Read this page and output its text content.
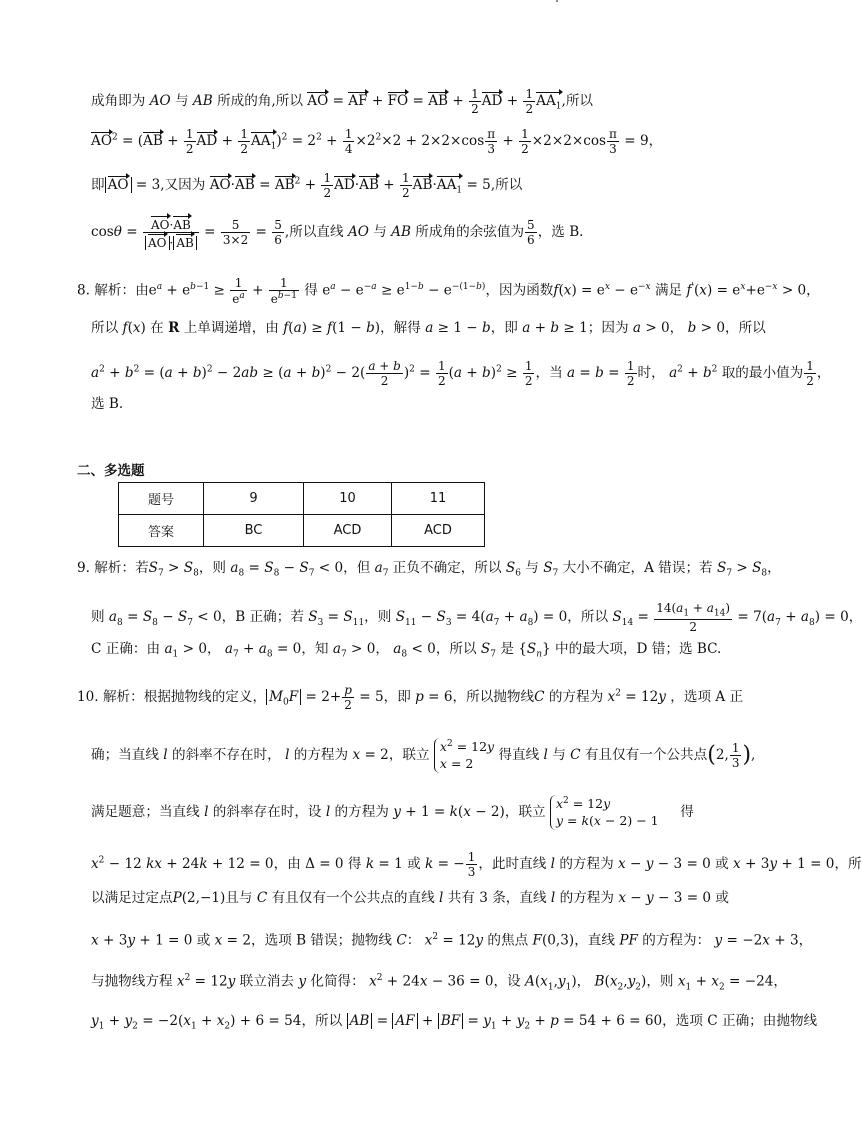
成角即为 AO 与 AB 所成的角,所以 AO = AF + FO = AB + $\frac{1}{2}$ AD + $\frac{1}{2} AA_1$,所以
$AO^2 = (AB + \frac{1}{2}$ AD + $\frac{1}{2} AA_1)^2 = 2^2 + \frac{1}{4} \times 2^2\times 2 + 2\times 2\times\cos \frac{\pi}{3} + \frac{1}{2} \times 2\times 2\times\cos \frac{\pi}{3} = 9$，
即 AO = 3,又因为 $AO\cdot AB = AB^2 + \frac{1}{2} AD\cdot AB + \frac{1}{2} AB\cdot AA_1 = 5$,所以
$\cos\theta = \frac{AO\cdot AB}{AO \cdot AB} = \frac{5}{3\times 2} = \frac{5}{6}$ ,所以直线 AO 与 AB 所成角的余弦值为 $\frac{5}{6}$ ，选 B.
8. 解析：由$e^a + e^{b-1} \ge \frac{1}{e^a} + \frac{1}{e^{b-1}}$ 得 $e^a - e^{-a} \ge e^{1-b} - e^{-(1-b)}$，因为函数$f(x) = e^x - e^{-x}$ 满足 $f'(x) = e^x+e^{-x} > 0$，
所以 f(x) 在 R 上单调递增，由 f(a) ≥ f(1 − b)，解得 a ≥ 1 − b，即 a + b ≥ 1；因为 a > 0， b > 0，所以
$a^2 + b^2 = (a + b)^2 - 2ab \ge (a + b)^2 - 2( \frac{a + b}{2} )^2 = \frac{1}{2} (a + b)^2 \ge \frac{1}{2}$ ，当 $a = b = \frac{1}{2}$ 时， $a^2 + b^2$ 取的最小值为 $\frac{1}{2}$ ，
选 B.
二、多选题
题号	9	10	11
答案	BC	ACD	ACD
9. 解析：若$S_7 > S_8$，则 $a_8 = S_8 - S_7 < 0$，但 $a_7$ 正负不确定，所以 $S_6$ 与 $S_7$ 大小不确定，A 错误；若 $S_7 > S_8$，
则 $a_8 = S_8 - S_7 < 0$，B 正确；若 $S_3 = S_{11}$，则 $S_{11} - S_3 = 4(a_7 + a_8) = 0$，所以 $S_{14} = \frac{14(a_1 + a_{14})}{2} = 7(a_7 + a_8) = 0$，
C 正确：由 $a_1 > 0$， $a_7 + a_8 = 0$，知 $a_7 > 0$， $a_8 < 0$，所以 $S_7$ 是 $\{S_n\}$ 中的最大项，D 错；选 BC.
10. 解析：根据抛物线的定义， $M_0F = 2+ \frac{p}{2} = 5$，即 p = 6，所以抛物线C 的方程为 $x^2 = 12y$ ，选项 A 正
确；当直线 l 的斜率不存在时， l 的方程为 x = 2，联立
$x^2 = 12y$
x = 2
得直线 l 与 C 有且仅有一个公共点(2, $\frac{1}{3}$ ),
满足题意；当直线 l 的斜率存在时，设 l 的方程为 y + 1 = k(x − 2)，联立
$x^2 = 12y$
y = k(x − 2) − 1
得
$x^2 - 12$ kx + 24k + 12 = 0，由 Δ = 0 得 k = 1 或 k = − $\frac{1}{3}$ ，此时直线 l 的方程为 x − y − 3 = 0 或 x + 3y + 1 = 0，所
以满足过定点P(2,−1)且与 C 有且仅有一个公共点的直线 l 共有 3 条，直线 l 的方程为 x − y − 3 = 0 或
x + 3y + 1 = 0 或 x = 2，选项 B 错误；抛物线 C： $x^2 = 12y$ 的焦点 F(0,3)，直线 PF 的方程为： y = −2x + 3，
与抛物线方程 $x^2 = 12y$ 联立消去 y 化简得： $x^2 + 24x - 36 = 0$，设 $A(x_1,y_1)$， $B(x_2,y_2)$，则 $x_1 + x_2 = -24$，
$y_1 + y_2 = -2(x_1 + x_2) + 6 = 54$，所以 AB = AF + BF = $y_1 + y_2 + p = 54 + 6 = 60$，选项 C 正确；由抛物线
